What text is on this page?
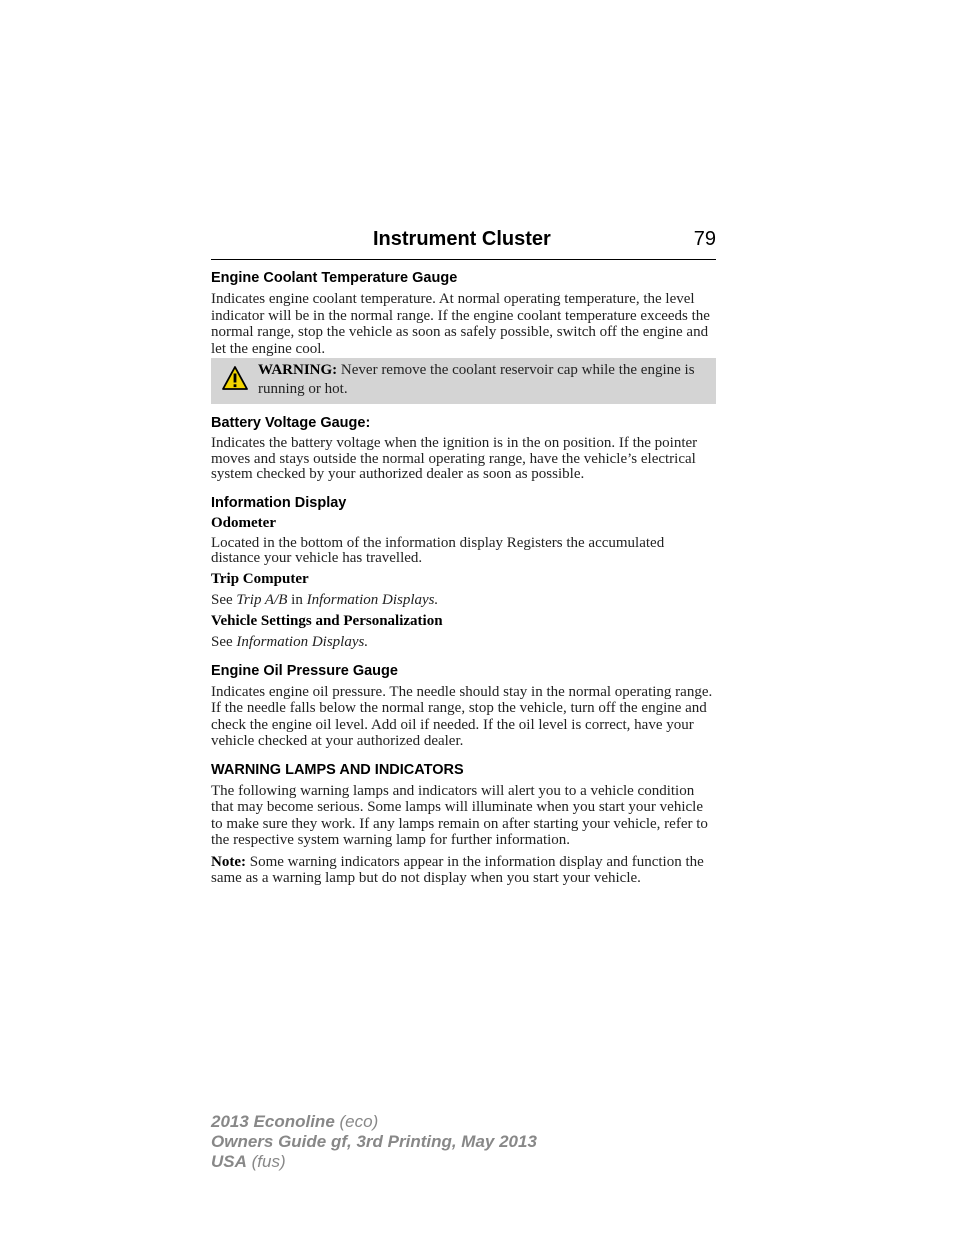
Instrument Cluster	79
Engine Coolant Temperature Gauge

Indicates engine coolant temperature. At normal operating temperature, the level indicator will be in the normal range. If the engine coolant temperature exceeds the normal range, stop the vehicle as soon as safely possible, switch off the engine and let the engine cool.

WARNING: Never remove the coolant reservoir cap while the engine is running or hot.
Battery Voltage Gauge:

Indicates the battery voltage when the ignition is in the on position. If the pointer moves and stays outside the normal operating range, have the vehicle’s electrical system checked by your authorized dealer as soon as possible.

Information Display
Odometer

Located in the bottom of the information display Registers the accumulated distance your vehicle has travelled.

Trip Computer

See Trip A/B in Information Displays.

Vehicle Settings and Personalization

See Information Displays.

Engine Oil Pressure Gauge

Indicates engine oil pressure. The needle should stay in the normal operating range. If the needle falls below the normal range, stop the vehicle, turn off the engine and check the engine oil level. Add oil if needed. If the oil level is correct, have your vehicle checked at your authorized dealer.

WARNING LAMPS AND INDICATORS

The following warning lamps and indicators will alert you to a vehicle condition that may become serious. Some lamps will illuminate when you start your vehicle to make sure they work. If any lamps remain on after starting your vehicle, refer to the respective system warning lamp for further information.

Note: Some warning indicators appear in the information display and function the same as a warning lamp but do not display when you start your vehicle.

2013 Econoline (eco)
Owners Guide gf, 3rd Printing, May 2013
USA (fus)
